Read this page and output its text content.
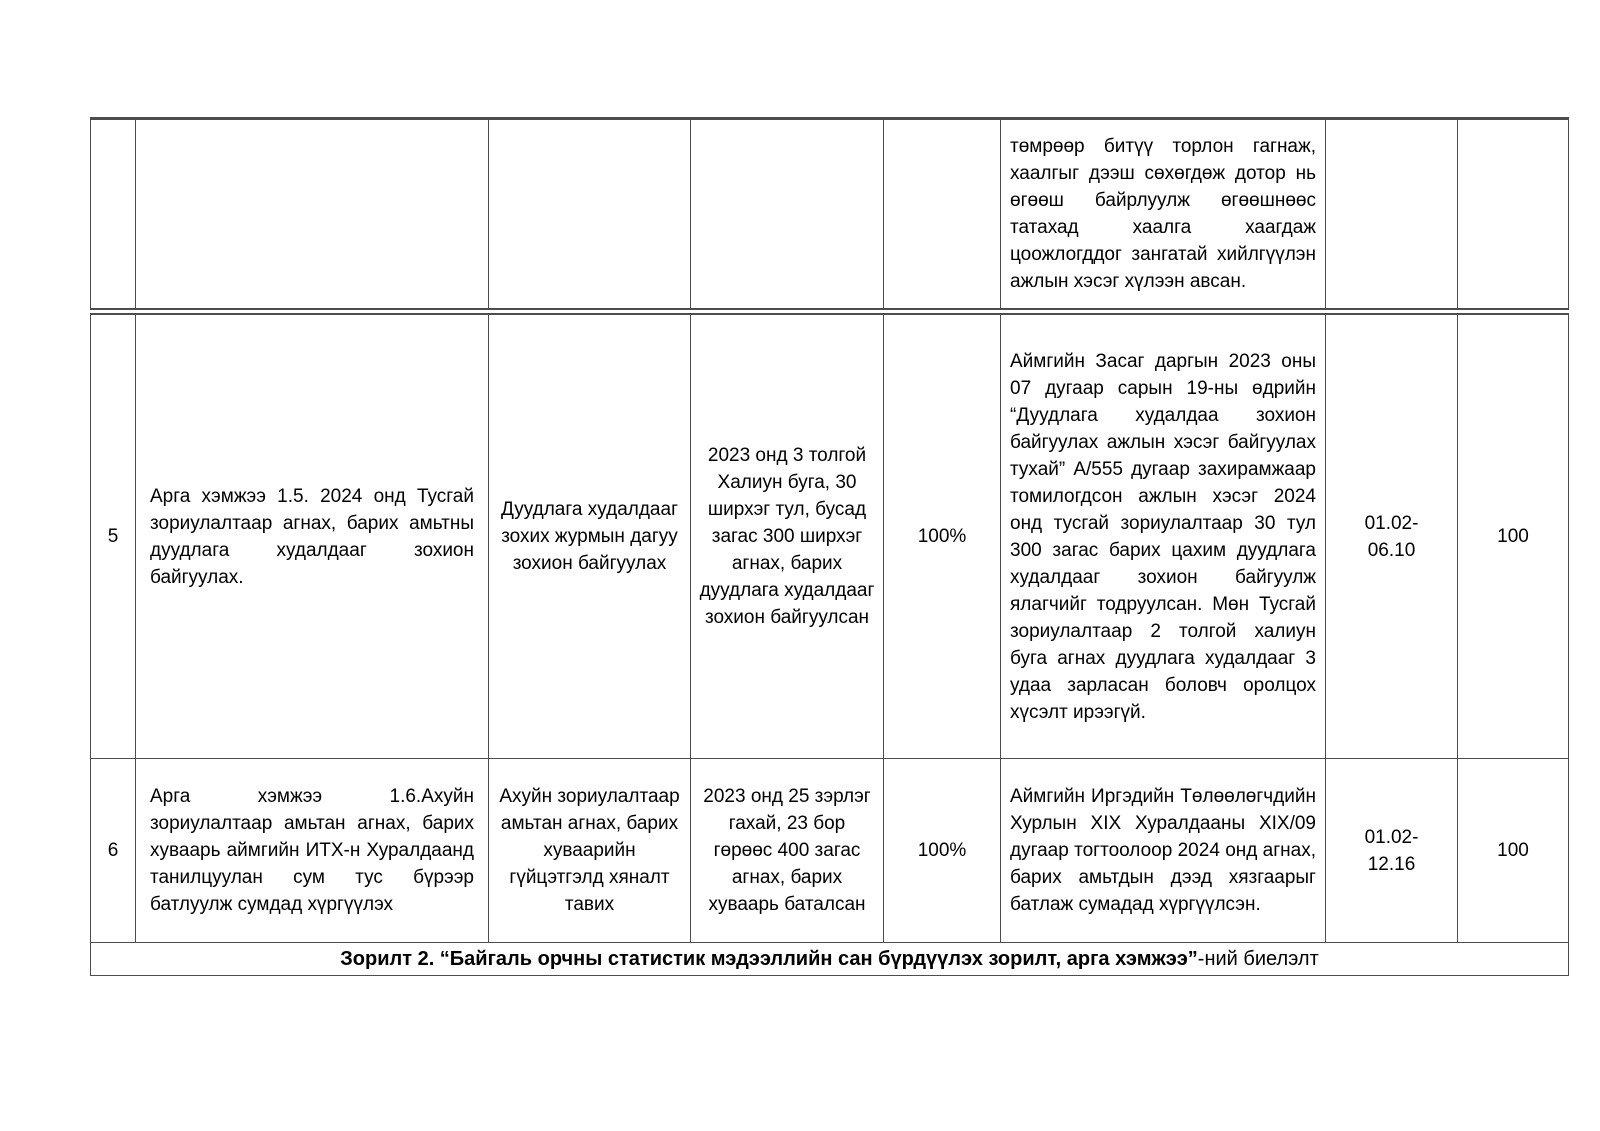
					төмрөөр битүү торлон гагнаж, хаалгыг дээш сөхөгдөж дотор нь өгөөш байрлуулж өгөөшнөөс татахад хаалга хаагдаж цоожлогддог зангатай хийлгүүлэн ажлын хэсэг хүлээн авсан.		
5	Арга хэмжээ 1.5. 2024 онд Тусгай зориулалтаар агнах, барих амьтны дуудлага худалдааг зохион байгуулах.	Дуудлага худалдааг зохих журмын дагуу зохион байгуулах	2023 онд 3 толгой Халиун буга, 30 ширхэг тул, бусад загас 300 ширхэг агнах, барих дуудлага худалдааг зохион байгуулсан	100%	Аймгийн Засаг даргын 2023 оны 07 дугаар сарын 19-ны өдрийн “Дуудлага худалдаа зохион байгуулах ажлын хэсэг байгуулах тухай” А/555 дугаар захирамжаар томилогдсон ажлын хэсэг 2024 онд тусгай зориулалтаар 30 тул 300 загас барих цахим дуудлага худалдааг зохион байгуулж ялагчийг тодруулсан. Мөн Тусгай зориулалтаар 2 толгой халиун буга агнах дуудлага худалдааг 3 удаа зарласан боловч оролцох хүсэлт ирээгүй.	01.02-06.10	100
6	Арга хэмжээ 1.6.Ахуйн зориулалтаар амьтан агнах, барих хуваарь аймгийн ИТХ-н Хуралдаанд танилцуулан сум тус бүрээр батлуулж сумдад хүргүүлэх	Ахуйн зориулалтаар амьтан агнах, барих хуваарийн гүйцэтгэлд хяналт тавих	2023 онд 25 зэрлэг гахай, 23 бор гөрөөс 400 загас агнах, барих хуваарь баталсан	100%	Аймгийн Иргэдийн Төлөөлөгчдийн Хурлын XIX Хуралдааны XIX/09 дугаар тогтоолоор 2024 онд агнах, барих амьтдын дээд хязгаарыг батлаж сумадад хүргүүлсэн.	01.02-12.16	100
Зорилт 2. “Байгаль орчны статистик мэдээллийн сан бүрдүүлэх зорилт, арга хэмжээ”-ний биелэлт							
